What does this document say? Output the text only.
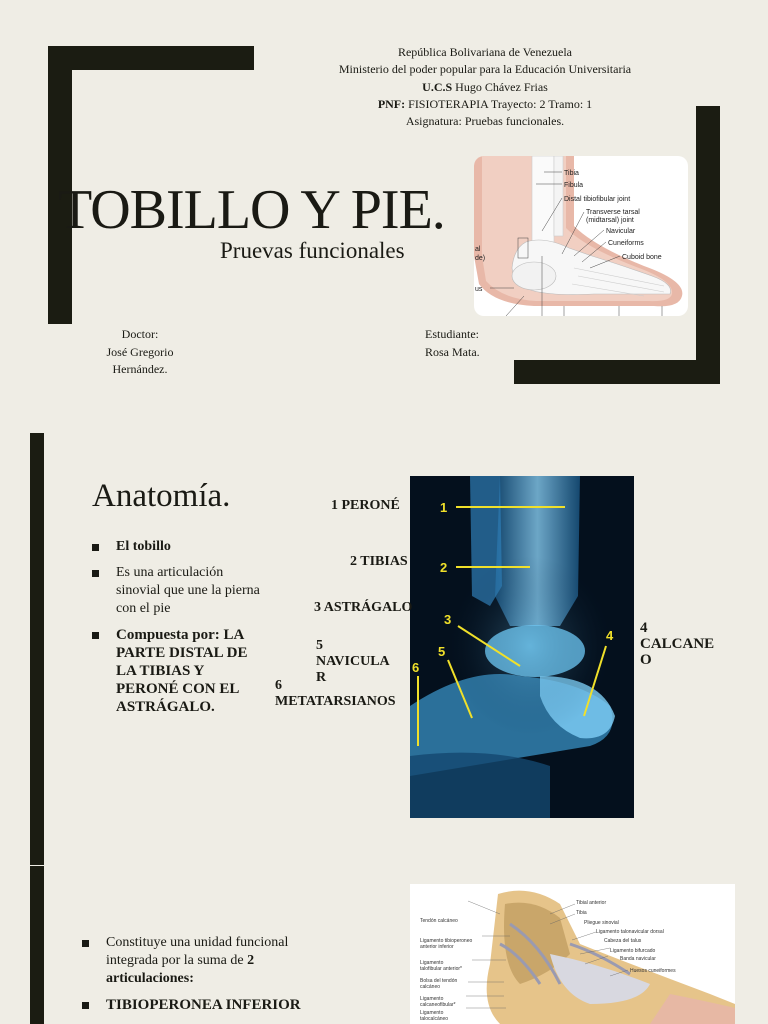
República Bolivariana de Venezuela
Ministerio del poder popular para la Educación Universitaria
U.C.S Hugo Chávez Frias
PNF: FISIOTERAPIA Trayecto: 2 Tramo: 1
Asignatura: Pruebas funcionales.
TOBILLO Y PIE.
Pruevas funcionales
Tibia
Fibula
Distal tibiofibular joint
Transverse tarsal
(midtarsal) joint
Navicular
Cuneiforms
Cuboid bone
al
de)
us
Doctor:
José Gregorio
Hernández.
Estudiante:
Rosa Mata.
Anatomía.
El tobillo
Es una articulación sinovial que une la pierna con el pie
Compuesta por: LA PARTE DISTAL DE LA TIBIAS Y PERONÉ CON EL ASTRÁGALO.
1
2
3
4
5
6
1 PERONÉ
2 TIBIAS
3 ASTRÁGALO
5
NAVICULA
R
6
METATARSIANOS
4
CALCANE
O
Constituye una unidad funcional integrada por la suma de 2 articulaciones:
TIBIOPERONEA INFERIOR
Tendón calcáneo
Ligamento tibioperoneo
anterior inferior
Ligamento
talofibular anterior*
Bolsa del tendón
calcáneo
Ligamento
calcaneofibular*
Ligamento
talocalcáneo
Tibial anterior
Tibia
Pliegue sinovial
Ligamento talonavicular dorsal
Cabeza del talus
Ligamento bifurcado
Banda navicular
Huesos cuneiformes
